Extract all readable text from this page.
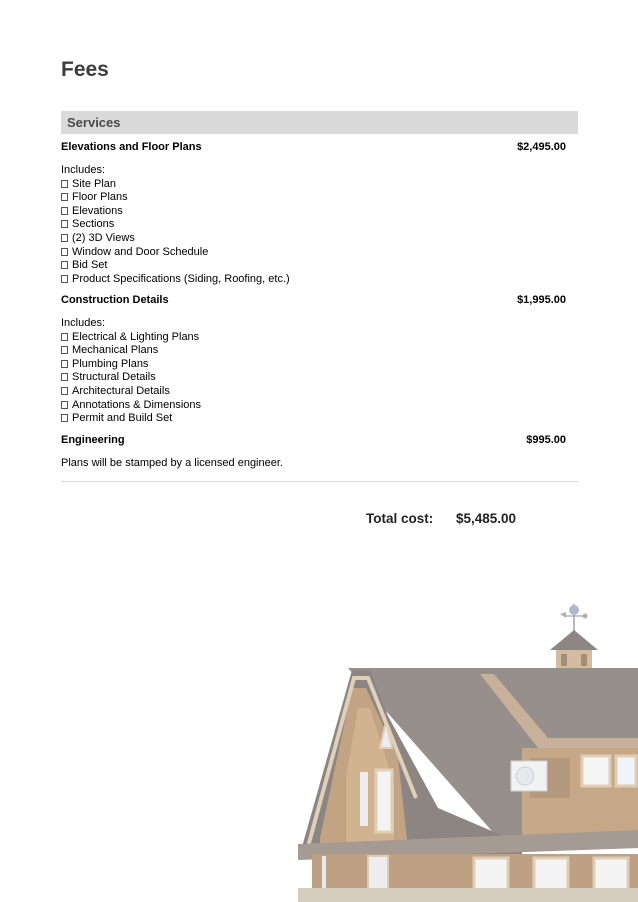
Fees
Services
Elevations and Floor Plans	$2,495.00
Includes:
Site Plan
Floor Plans
Elevations
Sections
(2) 3D Views
Window and Door Schedule
Bid Set
Product Specifications (Siding, Roofing, etc.)
Construction Details	$1,995.00
Includes:
Electrical & Lighting Plans
Mechanical Plans
Plumbing Plans
Structural Details
Architectural Details
Annotations & Dimensions
Permit and Build Set
Engineering	$995.00
Plans will be stamped by a licensed engineer.
Total cost: $5,485.00
